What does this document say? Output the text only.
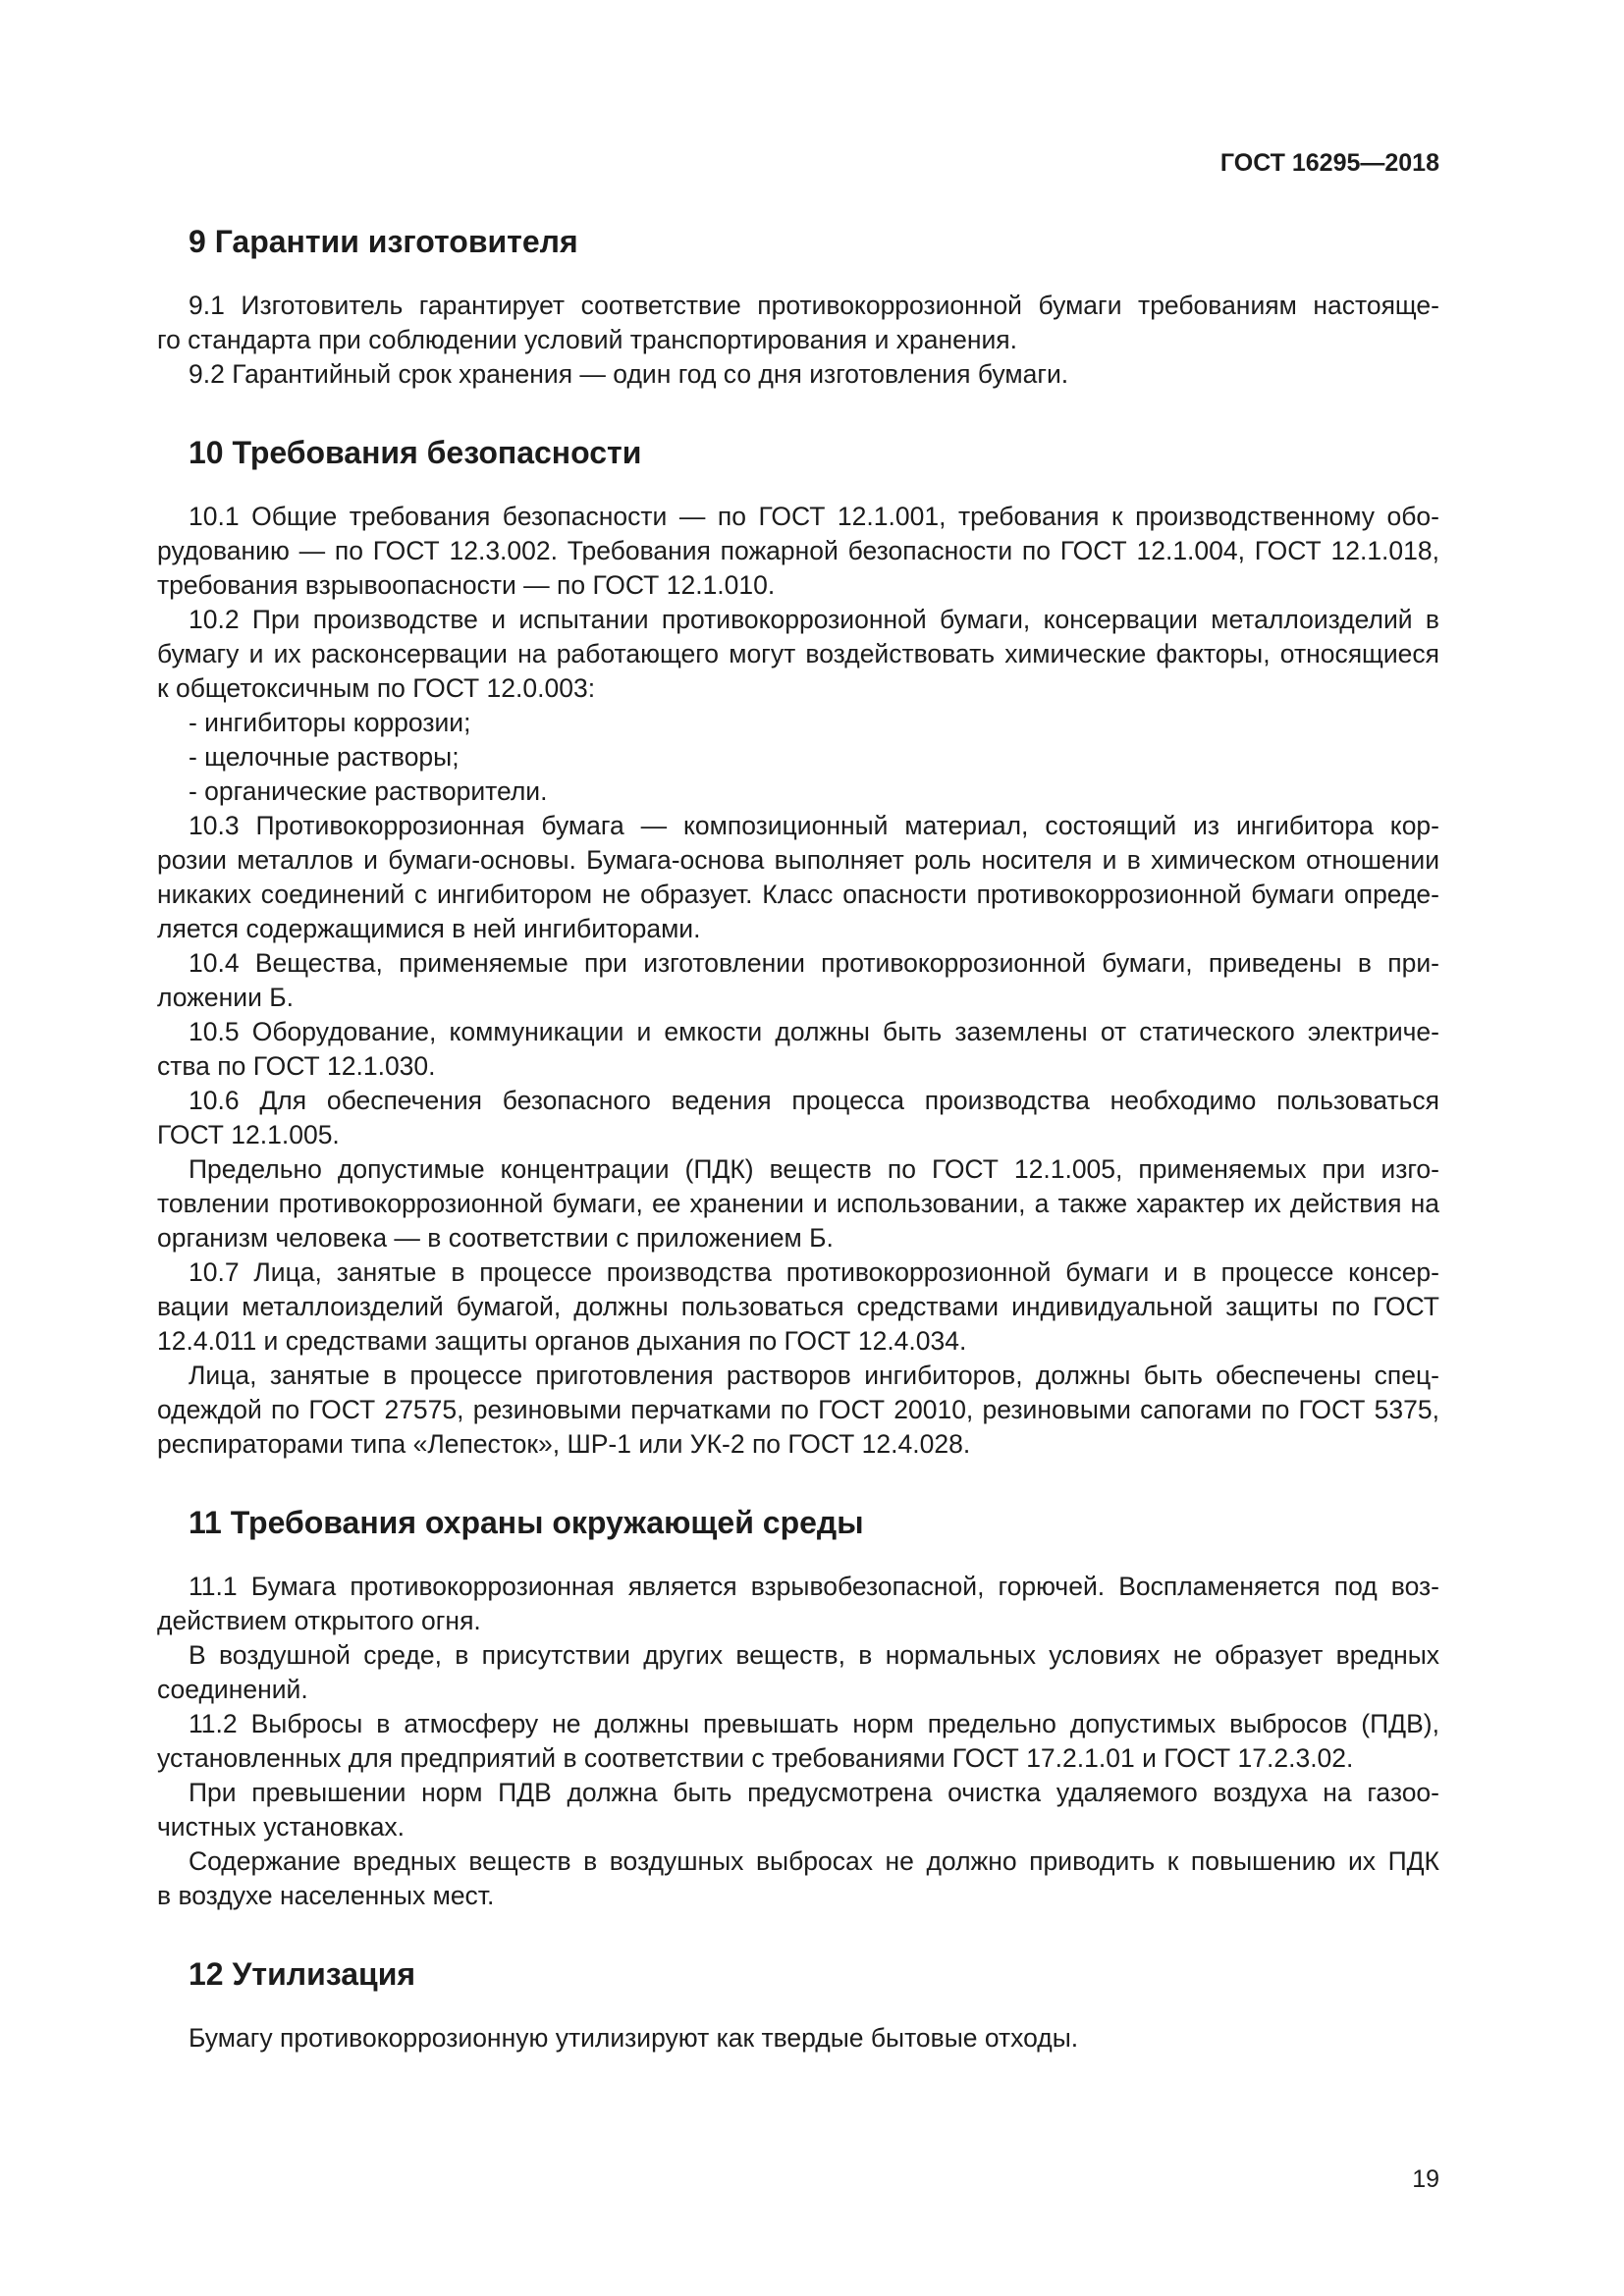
ГОСТ 16295—2018
9 Гарантии изготовителя
9.1 Изготовитель гарантирует соответствие противокоррозионной бумаги требованиям настояще-
го стандарта при соблюдении условий транспортирования и хранения.
9.2 Гарантийный срок хранения — один год со дня изготовления бумаги.
10 Требования безопасности
10.1 Общие требования безопасности — по ГОСТ 12.1.001, требования к производственному обо-
рудованию — по ГОСТ 12.3.002. Требования пожарной безопасности по ГОСТ 12.1.004, ГОСТ 12.1.018,
требования взрывоопасности — по ГОСТ 12.1.010.
10.2 При производстве и испытании противокоррозионной бумаги, консервации металлоизделий в
бумагу и их расконсервации на работающего могут воздействовать химические факторы, относящиеся
к общетоксичным по ГОСТ 12.0.003:
- ингибиторы коррозии;
- щелочные растворы;
- органические растворители.
10.3 Противокоррозионная бумага — композиционный материал, состоящий из ингибитора кор-
розии металлов и бумаги-основы. Бумага-основа выполняет роль носителя и в химическом отношении
никаких соединений с ингибитором не образует. Класс опасности противокоррозионной бумаги опреде-
ляется содержащимися в ней ингибиторами.
10.4 Вещества, применяемые при изготовлении противокоррозионной бумаги, приведены в при-
ложении Б.
10.5 Оборудование, коммуникации и емкости должны быть заземлены от статического электриче-
ства по ГОСТ 12.1.030.
10.6 Для обеспечения безопасного ведения процесса производства необходимо пользоваться
ГОСТ 12.1.005.
Предельно допустимые концентрации (ПДК) веществ по ГОСТ 12.1.005, применяемых при изго-
товлении противокоррозионной бумаги, ее хранении и использовании, а также характер их действия на
организм человека — в соответствии с приложением Б.
10.7 Лица, занятые в процессе производства противокоррозионной бумаги и в процессе консер-
вации металлоизделий бумагой, должны пользоваться средствами индивидуальной защиты по ГОСТ
12.4.011 и средствами защиты органов дыхания по ГОСТ 12.4.034.
Лица, занятые в процессе приготовления растворов ингибиторов, должны быть обеспечены спец-
одеждой по ГОСТ 27575, резиновыми перчатками по ГОСТ 20010, резиновыми сапогами по ГОСТ 5375,
респираторами типа «Лепесток», ШР-1 или УК-2 по ГОСТ 12.4.028.
11 Требования охраны окружающей среды
11.1 Бумага противокоррозионная является взрывобезопасной, горючей. Воспламеняется под воз-
действием открытого огня.
В воздушной среде, в присутствии других веществ, в нормальных условиях не образует вредных
соединений.
11.2 Выбросы в атмосферу не должны превышать норм предельно допустимых выбросов (ПДВ),
установленных для предприятий в соответствии с требованиями ГОСТ 17.2.1.01 и ГОСТ 17.2.3.02.
При превышении норм ПДВ должна быть предусмотрена очистка удаляемого воздуха на газоо-
чистных установках.
Содержание вредных веществ в воздушных выбросах не должно приводить к повышению их ПДК
в воздухе населенных мест.
12 Утилизация
Бумагу противокоррозионную утилизируют как твердые бытовые отходы.
19
